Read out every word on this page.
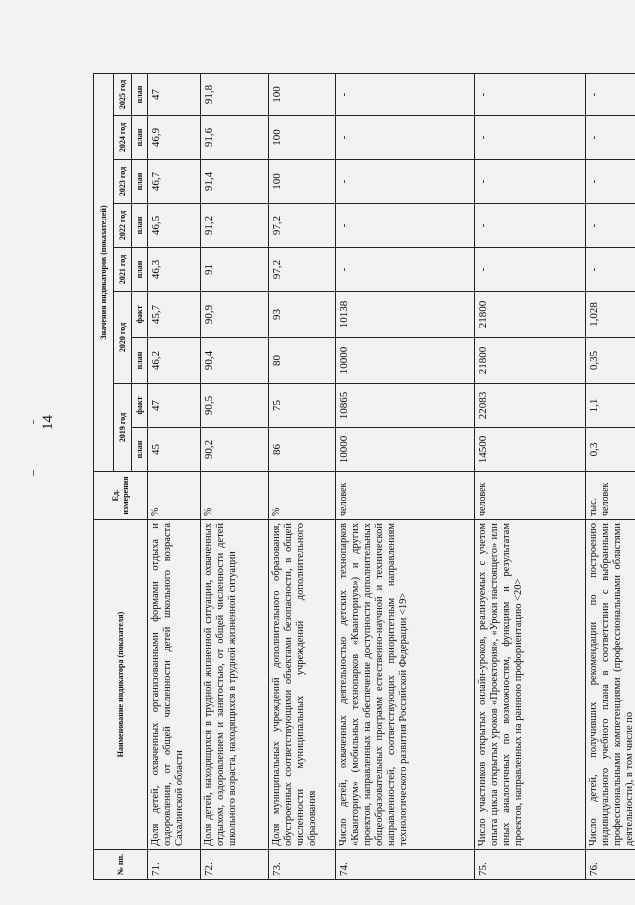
14
№ пп.	Наименование индикатора (показателя)	Ед. измерения	Значения индикаторов (показателей)								
			2019 год		2020 год		2021 год	2022 год	2023 год	2024 год	2025 год
			план	факт	план	факт	план	план	план	план	план
71.	Доля детей, охваченных организованными формами отдыха и оздоровления, от общей численности детей школьного возраста Сахалинской области	%	45	47	46,2	45,7	46,3	46,5	46,7	46,9	47
72.	Доля детей, находящихся в трудной жизненной ситуации, охваченных отдыхом, оздоровлением и занятостью, от общей численности детей школьного возраста, находящихся в трудной жизненной ситуации	%	90,2	90,5	90,4	90,9	91	91,2	91,4	91,6	91,8
73.	Доля муниципальных учреждений дополнительного образования, обустроенных соответствующими объектами безопасности, в общей численности муниципальных учреждений дополнительного образования	%	86	75	80	93	97,2	97,2	100	100	100
74.	Число детей, охваченных деятельностью детских технопарков «Кванториум» (мобильных технопарков «Кванториум») и других проектов, направленных на обеспечение доступности дополнительных общеобразовательных программ естественно-научной и технической направленностей, соответствующих приоритетным направлениям технологического развития Российской Федерации <19>	человек	10000	10865	10000	10138	-	-	-	-	-
75.	Число участников открытых онлайн-уроков, реализуемых с учетом опыта цикла открытых уроков «Проектория», «Уроки настоящего» или иных аналогичных по возможностям, функциям и результатам проектов, направленных на раннюю профориентацию <20>	человек	14500	22083	21800	21800	-	-	-	-	-
76.	Число детей, получивших рекомендации по построению индивидуального учебного плана в соответствии с выбранными профессиональными компетенциями (профессиональными областями деятельности), в том числе по	тыс. человек	0,3	1,1	0,35	1,028	-	-	-	-	-
